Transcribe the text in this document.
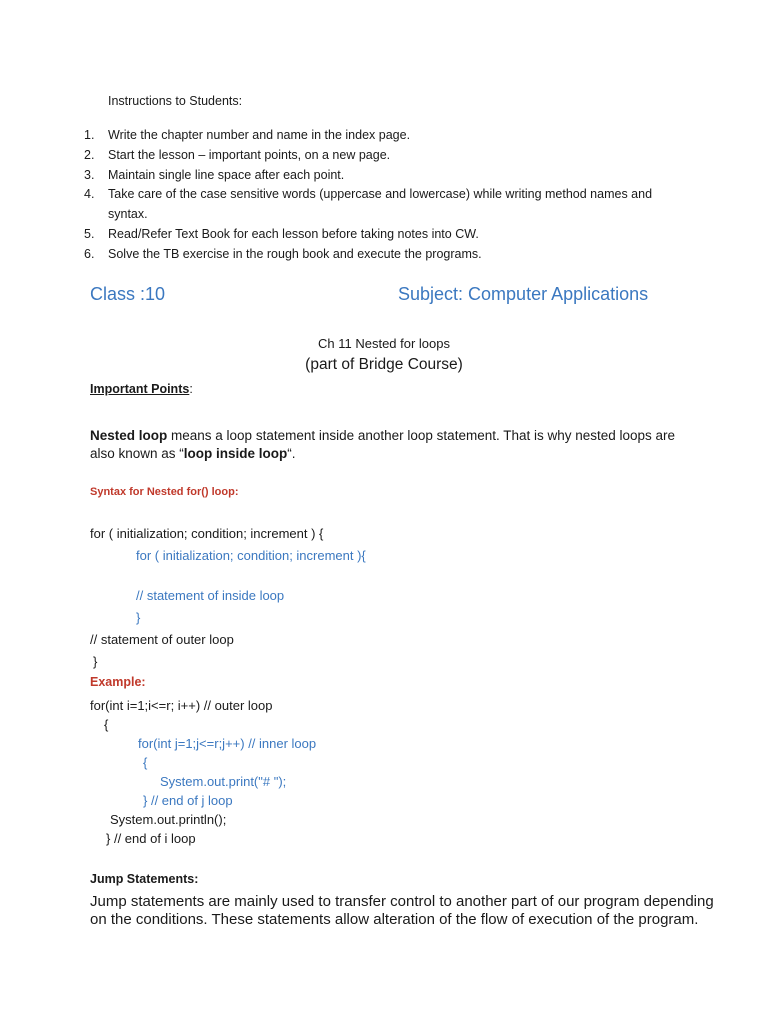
Instructions to Students:
1.	Write the chapter number and name in the index page.
2.	Start the lesson – important points, on a new page.
3.	Maintain single line space after each point.
4.	Take care of the case sensitive words (uppercase and lowercase) while writing method names and syntax.
5.	Read/Refer Text Book for each lesson before taking notes into CW.
6.	Solve the TB exercise in the rough book and execute the programs.
Class :10	Subject: Computer Applications
Ch 11 Nested for loops
(part of Bridge Course)
Important Points:
Nested loop means a loop statement inside another loop statement. That is why nested loops are also known as “loop inside loop“.
Syntax for Nested for() loop:
for ( initialization; condition; increment ) {
for ( initialization; condition; increment ){
// statement of inside loop
}
// statement of outer loop
}
Example:
for(int i=1;i<=r; i++) // outer loop
{
for(int j=1;j<=r;j++) // inner loop
{
System.out.print("# ");
} // end of j loop
System.out.println();
} // end of i loop
Jump Statements:
Jump statements are mainly used to transfer control to another part of our program depending on the conditions. These statements allow alteration of the flow of execution of the program.
